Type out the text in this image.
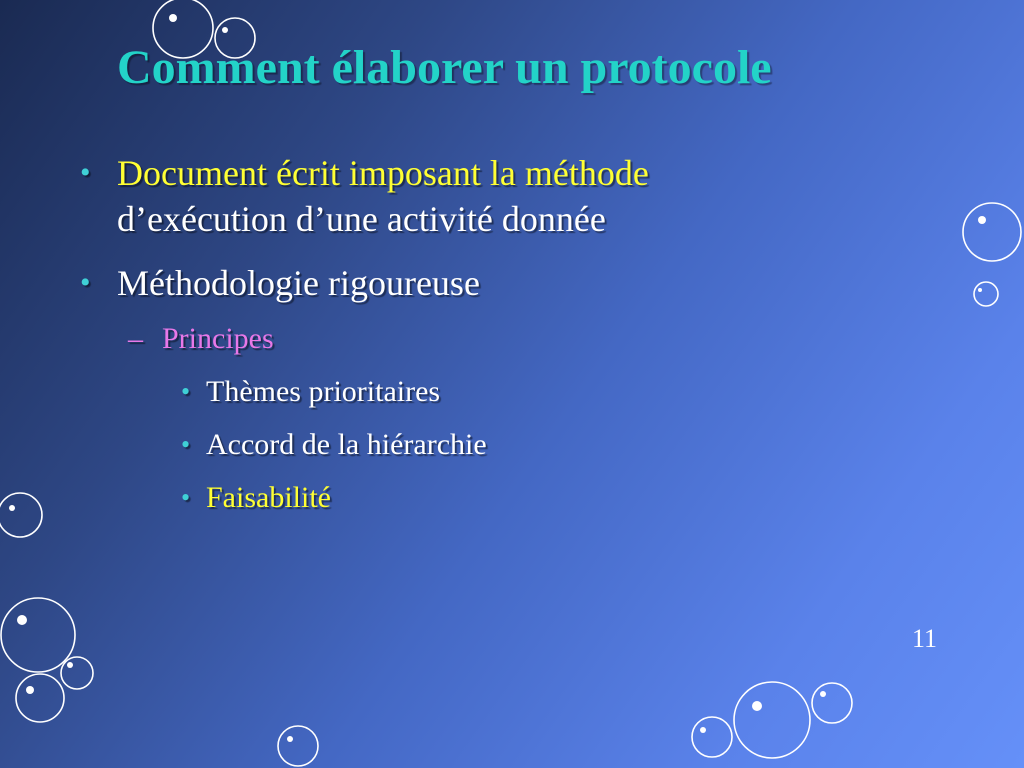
Comment élaborer un protocole
• Document écrit imposant la méthode
d’exécution d’une activité donnée
• Méthodologie rigoureuse
– Principes
• Thèmes prioritaires
• Accord de la hiérarchie
• Faisabilité
11
